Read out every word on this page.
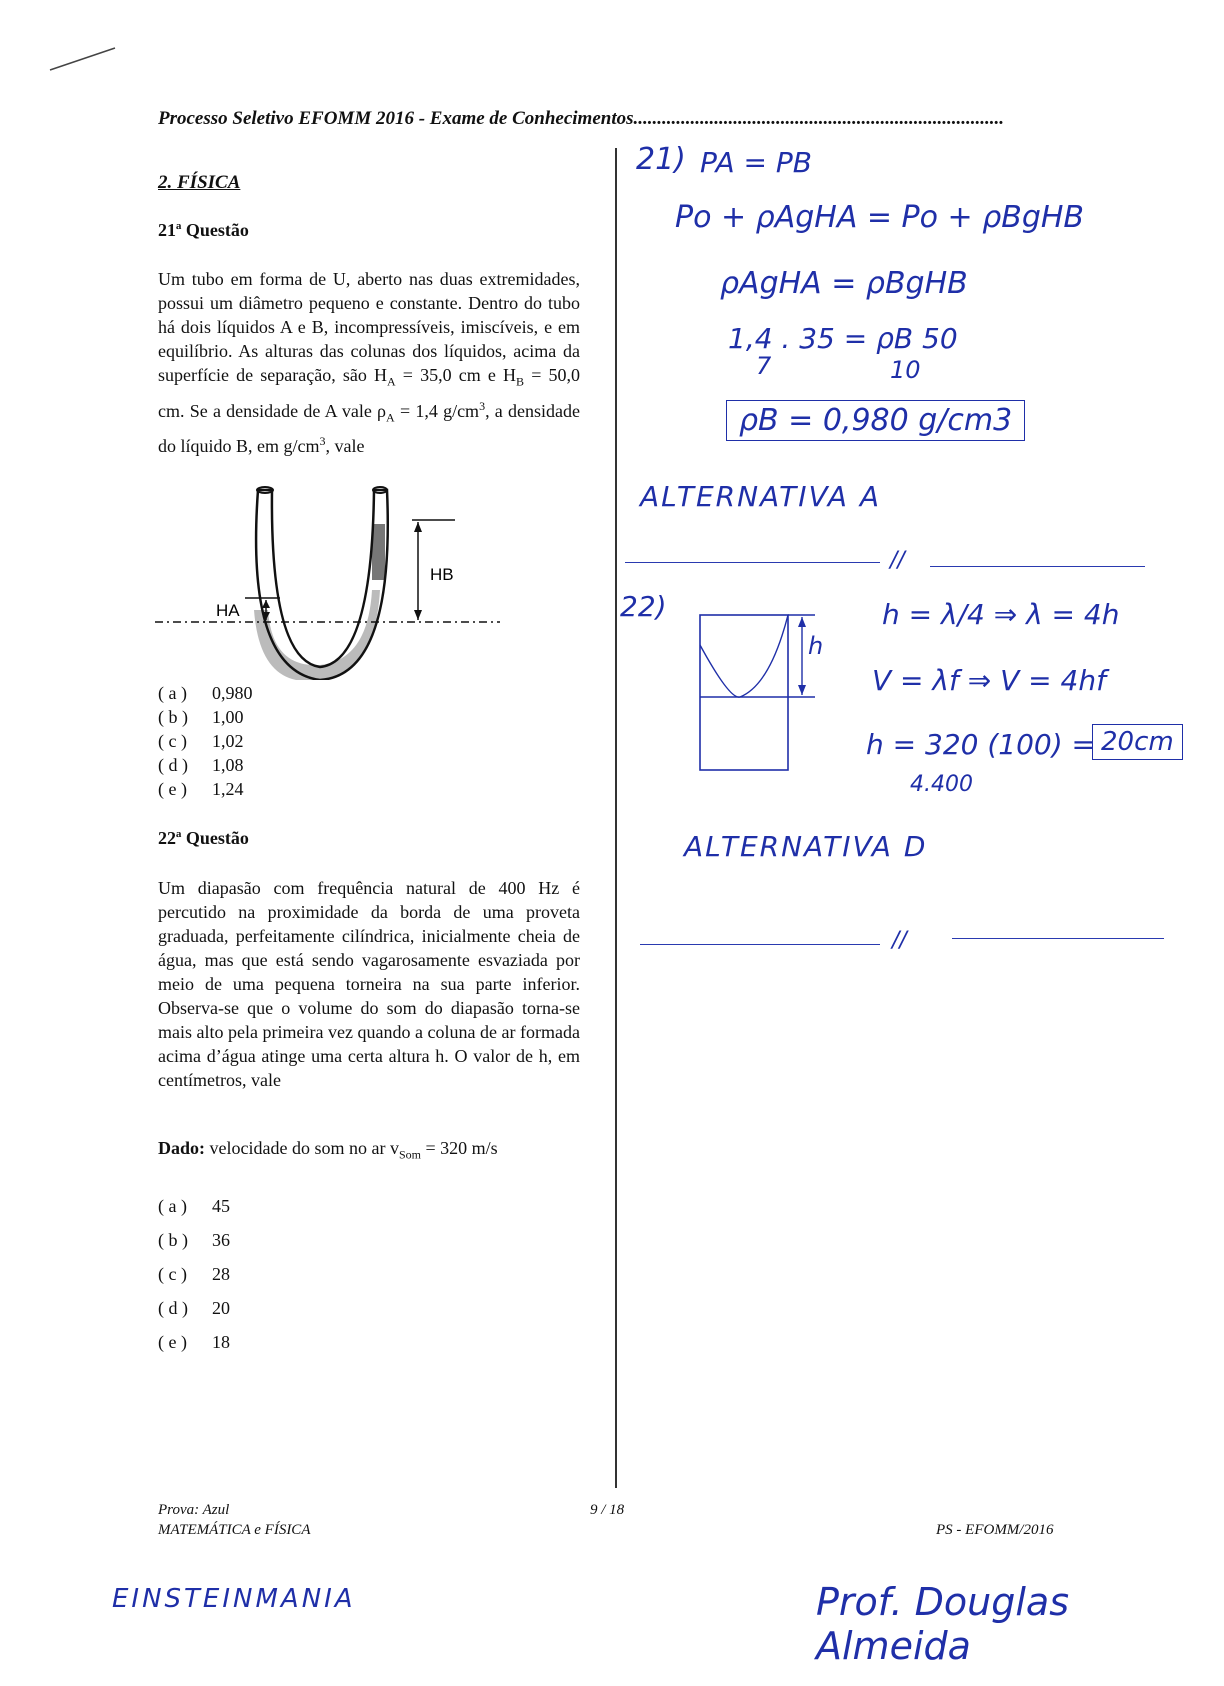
Processo Seletivo EFOMM 2016 - Exame de Conhecimentos..............................................................................
2. FÍSICA
21ª Questão
Um tubo em forma de U, aberto nas duas extremidades, possui um diâmetro pequeno e constante. Dentro do tubo há dois líquidos A e B, incompressíveis, imiscíveis, e em equilíbrio. As alturas das colunas dos líquidos, acima da superfície de separação, são $H_A = 35,0$ cm e $H_B = 50,0$ cm. Se a densidade de A vale $\rho_A = 1,4$ $g/cm^3$, a densidade do líquido B, em $g/cm^3$, vale
HB
HA
( a )	0,980
( b )	1,00
( c )	1,02
( d )	1,08
( e )	1,24
22ª Questão
Um diapasão com frequência natural de 400 Hz é percutido na proximidade da borda de uma proveta graduada, perfeitamente cilíndrica, inicialmente cheia de água, mas que está sendo vagarosamente esvaziada por meio de uma pequena torneira na sua parte inferior. Observa-se que o volume do som do diapasão torna-se mais alto pela primeira vez quando a coluna de ar formada acima d’água atinge uma certa altura h. O valor de h, em centímetros, vale
Dado: velocidade do som no ar $v_{Som} = 320$ m/s
( a )	45
( b )	36
( c )	28
( d )	20
( e )	18
21) PA = PB
Po + ρAgHA = Po + ρBgHB
ρAgHA = ρBgHB
1,4 . 35 = ρB 50
7	10
ρB = 0,980 g/cm3
ALTERNATIVA A
//
22)
h
h = λ/4 ⇒ λ = 4h
V = λf ⇒ V = 4hf
h = 320 (100) =
4.400
20cm
ALTERNATIVA D
//
Prova: Azul
MATEMÁTICA e FÍSICA
9 / 18
PS - EFOMM/2016
EINSTEINMANIA	Prof. Douglas Almeida
